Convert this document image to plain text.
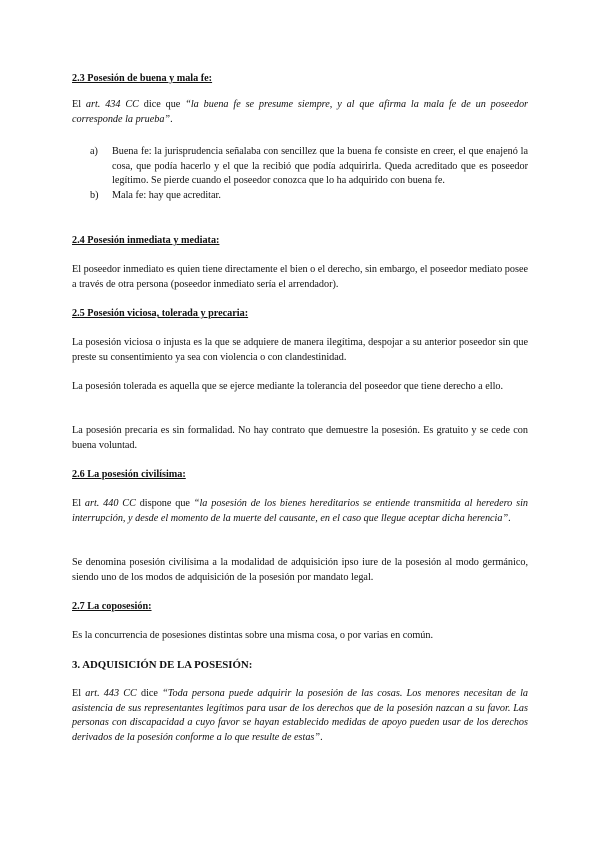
2.3 Posesión de buena y mala fe:

El art. 434 CC dice que “la buena fe se presume siempre, y al que afirma la mala fe de un poseedor corresponde la prueba”.

a) Buena fe: la jurisprudencia señalaba con sencillez que la buena fe consiste en creer, el que enajenó la cosa, que podía hacerlo y el que la recibió que podía adquirirla. Queda acreditado que es poseedor legítimo. Se pierde cuando el poseedor conozca que lo ha adquirido con buena fe.
b) Mala fe: hay que acreditar.

2.4 Posesión inmediata y mediata:

El poseedor inmediato es quien tiene directamente el bien o el derecho, sin embargo, el poseedor mediato posee a través de otra persona (poseedor inmediato sería el arrendador).

2.5 Posesión viciosa, tolerada y precaria:

La posesión viciosa o injusta es la que se adquiere de manera ilegítima, despojar a su anterior poseedor sin que preste su consentimiento ya sea con violencia o con clandestinidad.

La posesión tolerada es aquella que se ejerce mediante la tolerancia del poseedor que tiene derecho a ello.

La posesión precaria es sin formalidad. No hay contrato que demuestre la posesión. Es gratuito y se cede con buena voluntad.

2.6 La posesión civilísima:

El art. 440 CC dispone que “la posesión de los bienes hereditarios se entiende transmitida al heredero sin interrupción, y desde el momento de la muerte del causante, en el caso que llegue aceptar dicha herencia”.

Se denomina posesión civilísima a la modalidad de adquisición ipso iure de la posesión al modo germánico, siendo uno de los modos de adquisición de la posesión por mandato legal.

2.7 La coposesión:

Es la concurrencia de posesiones distintas sobre una misma cosa, o por varias en común.

3. ADQUISICIÓN DE LA POSESIÓN:

El art. 443 CC dice “Toda persona puede adquirir la posesión de las cosas. Los menores necesitan de la asistencia de sus representantes legítimos para usar de los derechos que de la posesión nazcan a su favor. Las personas con discapacidad a cuyo favor se hayan establecido medidas de apoyo pueden usar de los derechos derivados de la posesión conforme a lo que resulte de estas”.
